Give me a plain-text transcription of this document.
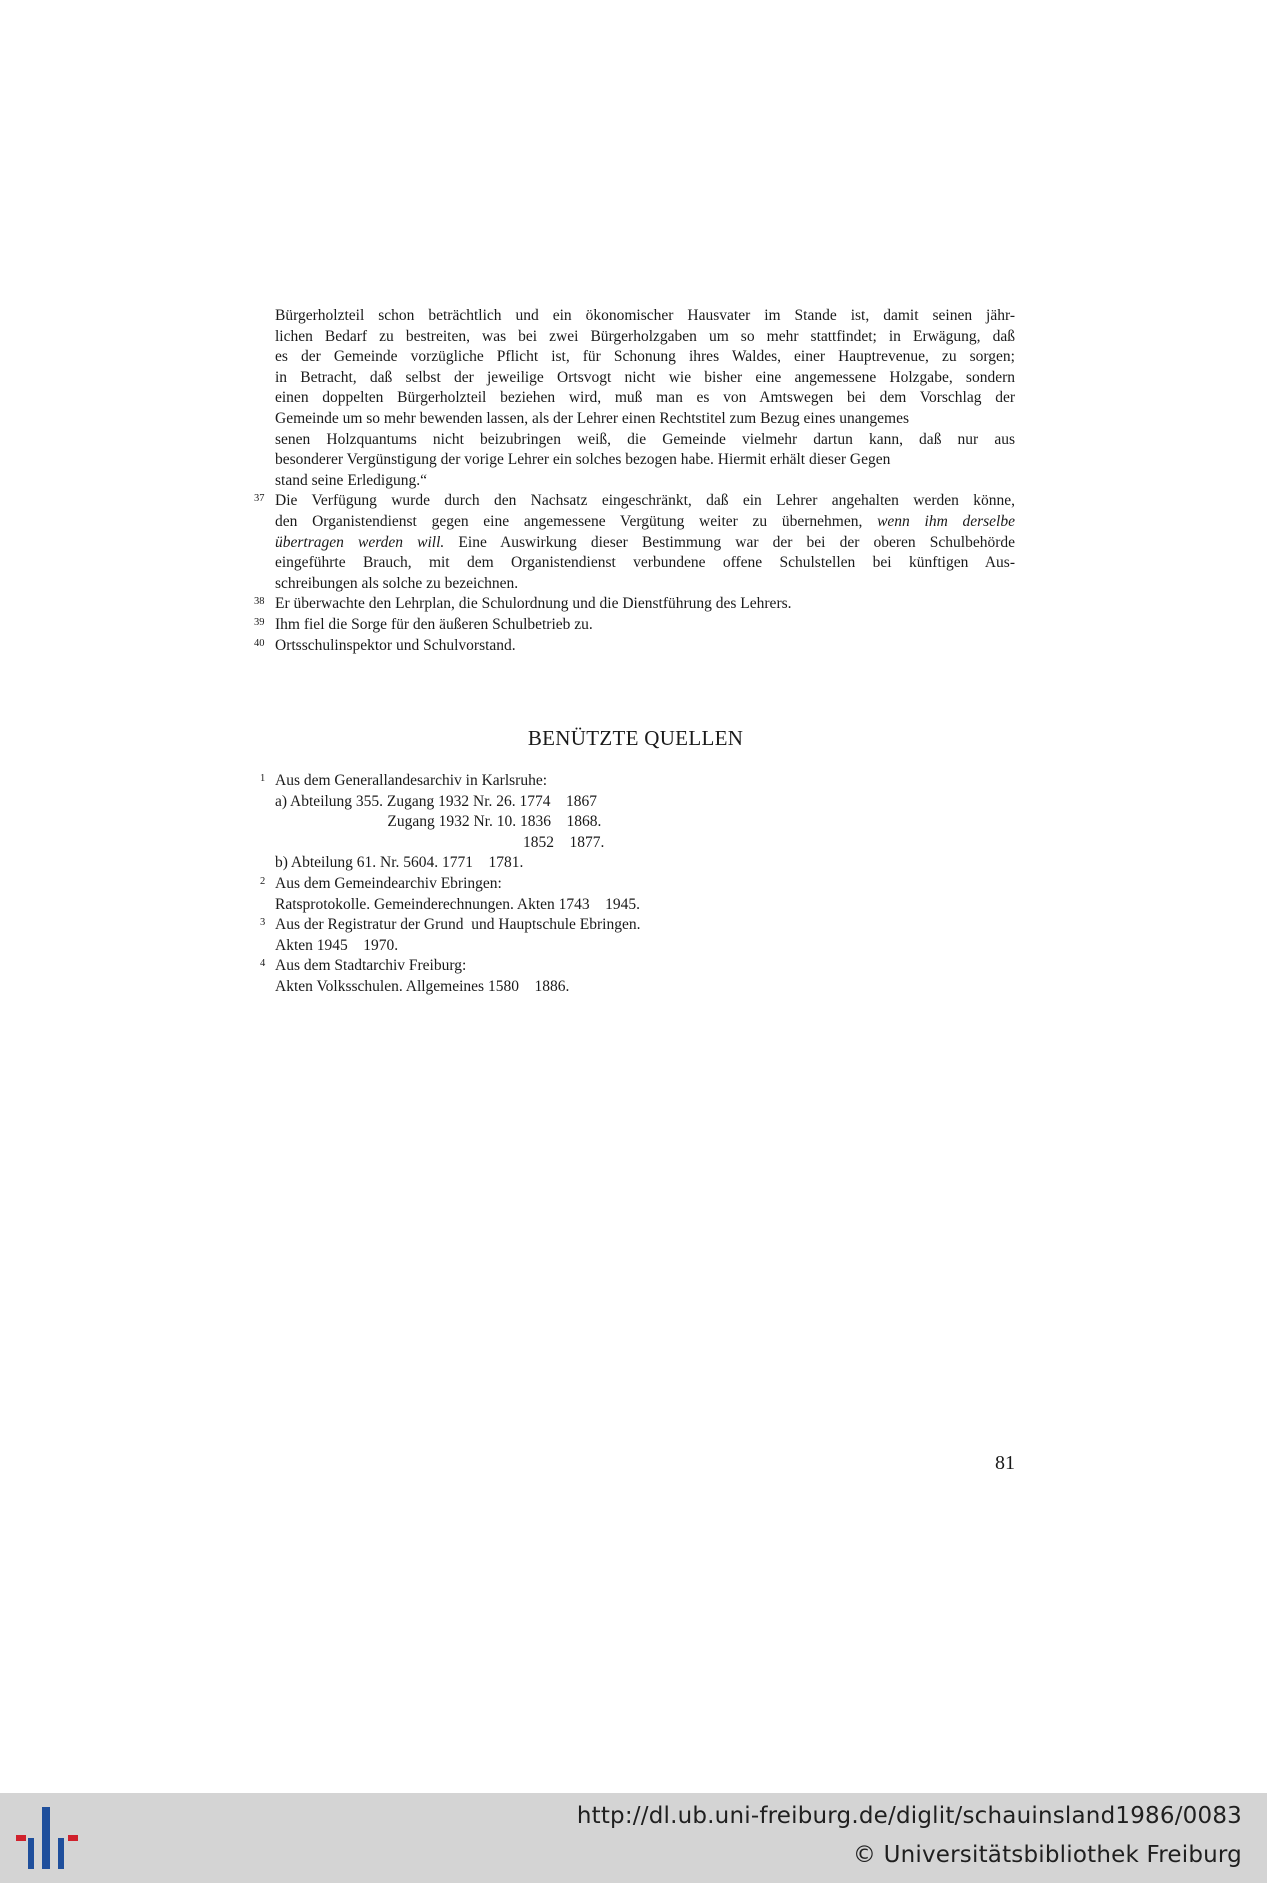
Bürgerholzteil schon beträchtlich und ein ökonomischer Hausvater im Stande ist, damit seinen jähr-
lichen Bedarf zu bestreiten, was bei zwei Bürgerholzgaben um so mehr stattfindet; in Erwägung, daß
es der Gemeinde vorzügliche Pflicht ist, für Schonung ihres Waldes, einer Hauptrevenue, zu sorgen;
in Betracht, daß selbst der jeweilige Ortsvogt nicht wie bisher eine angemessene Holzgabe, sondern
einen doppelten Bürgerholzteil beziehen wird, muß man es von Amtswegen bei dem Vorschlag der
Gemeinde um so mehr bewenden lassen, als der Lehrer einen Rechtstitel zum Bezug eines unangemes
senen Holzquantums nicht beizubringen weiß, die Gemeinde vielmehr dartun kann, daß nur aus
besonderer Vergünstigung der vorige Lehrer ein solches bezogen habe. Hiermit erhält dieser Gegen
stand seine Erledigung.“
37 Die Verfügung wurde durch den Nachsatz eingeschränkt, daß ein Lehrer angehalten werden könne,
den Organistendienst gegen eine angemessene Vergütung weiter zu übernehmen, wenn ihm derselbe
übertragen werden will. Eine Auswirkung dieser Bestimmung war der bei der oberen Schulbehörde
eingeführte Brauch, mit dem Organistendienst verbundene offene Schulstellen bei künftigen Aus-
schreibungen als solche zu bezeichnen.
38 Er überwachte den Lehrplan, die Schulordnung und die Dienstführung des Lehrers.
39 Ihm fiel die Sorge für den äußeren Schulbetrieb zu.
40 Ortsschulinspektor und Schulvorstand.
BENÜTZTE QUELLEN
1 Aus dem Generallandesarchiv in Karlsruhe:
a) Abteilung 355. Zugang 1932 Nr. 26. 1774    1867
Zugang 1932 Nr. 10. 1836    1868.
1852    1877.
b) Abteilung 61. Nr. 5604. 1771    1781.
2 Aus dem Gemeindearchiv Ebringen:
Ratsprotokolle. Gemeinderechnungen. Akten 1743    1945.
3 Aus der Registratur der Grund  und Hauptschule Ebringen.
Akten 1945    1970.
4 Aus dem Stadtarchiv Freiburg:
Akten Volksschulen. Allgemeines 1580    1886.
81
http://dl.ub.uni-freiburg.de/diglit/schauinsland1986/0083
© Universitätsbibliothek Freiburg
